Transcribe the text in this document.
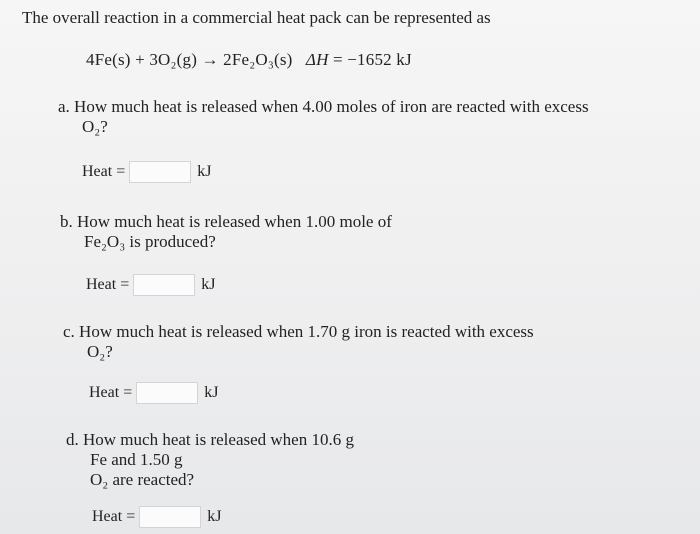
The overall reaction in a commercial heat pack can be represented as
4Fe(s) + 3O₂(g) → 2Fe₂O₃(s) ΔH = −1652 kJ
a. How much heat is released when 4.00 moles of iron are reacted with excess
O₂?
Heat =	kJ
b. How much heat is released when 1.00 mole of
Fe₂O₃ is produced?
Heat =	kJ
c. How much heat is released when 1.70 g iron is reacted with excess
O₂?
Heat =	kJ
d. How much heat is released when 10.6 g
Fe and 1.50 g
O₂ are reacted?
Heat =	kJ
